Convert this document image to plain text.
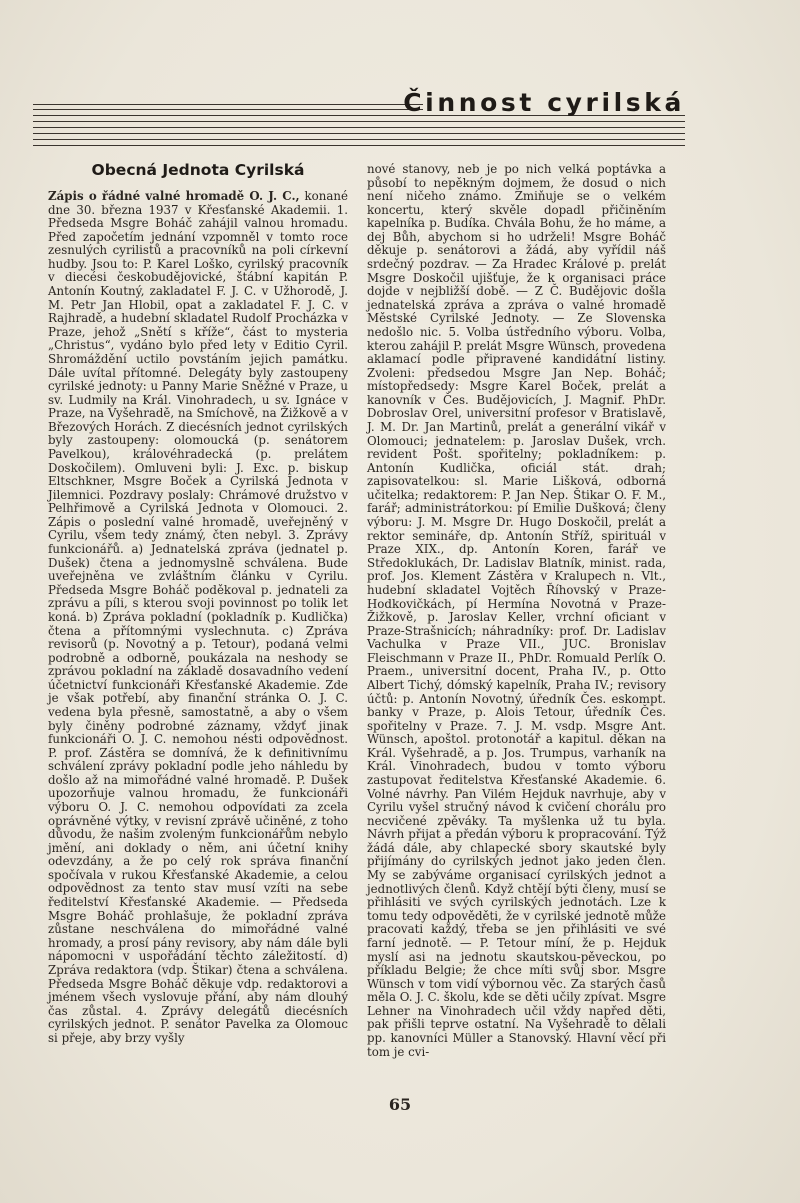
Činnost cyrilská
Obecná Jednota Cyrilská

Zápis o řádné valné hromadě O. J. C., konané dne 30. března 1937 v Křesťanské Akademii. 1. Předseda Msgre Boháč zahájil valnou hromadu. Před započetím jednání vzpomněl v tomto roce zesnulých cyrilistů a pracovníků na poli církevní hudby. Jsou to: P. Karel Loško, cyrilský pracovník v diecési českobudějovické, štábní kapitán P. Antonín Koutný, zakladatel F. J. C. v Užhorodě, J. M. Petr Jan Hlobil, opat a zakladatel F. J. C. v Rajhradě, a hudební skladatel Rudolf Procházka v Praze, jehož „Snětí s kříže“, část to mysteria „Christus“, vydáno bylo před lety v Editio Cyril. Shromáždění uctilo povstáním jejich památku. Dále uvítal přítomné. Delegáty byly zastoupeny cyrilské jednoty: u Panny Marie Sněžné v Praze, u sv. Ludmily na Král. Vinohradech, u sv. Ignáce v Praze, na Vyšehradě, na Smíchově, na Žižkově a v Březových Horách. Z diecésních jednot cyrilských byly zastoupeny: olomoucká (p. senátorem Pavelkou), královéhradecká (p. prelátem Doskočilem). Omluveni byli: J. Exc. p. biskup Eltschkner, Msgre Boček a Cyrilská Jednota v Jilemnici. Pozdravy poslaly: Chrámové družstvo v Pelhřimově a Cyrilská Jednota v Olomouci. 2. Zápis o poslední valné hromadě, uveřejněný v Cyrilu, všem tedy známý, čten nebyl. 3. Zprávy funkcionářů. a) Jednatelská zpráva (jednatel p. Dušek) čtena a jednomyslně schválena. Bude uveřejněna ve zvláštním článku v Cyrilu. Předseda Msgre Boháč poděkoval p. jednateli za zprávu a píli, s kterou svoji povinnost po tolik let koná. b) Zpráva pokladní (pokladník p. Kudlička) čtena a přítomnými vyslechnuta. c) Zpráva revisorů (p. Novotný a p. Tetour), podaná velmi podrobně a odborně, poukázala na neshody se zprávou pokladní na základě dosavadního vedení účetnictví funkcionáři Křesťanské Akademie. Zde je však potřebí, aby finanční stránka O. J. C. vedena byla přesně, samostatně, a aby o všem byly činěny podrobné záznamy, vždyť jinak funkcionáři O. J. C. nemohou nésti odpovědnost. P. prof. Zástěra se domnívá, že k definitivnímu schválení zprávy pokladní podle jeho náhledu by došlo až na mimořádné valné hromadě. P. Dušek upozorňuje valnou hromadu, že funkcionáři výboru O. J. C. nemohou odpovídati za zcela oprávněné výtky, v revisní zprávě učiněné, z toho důvodu, že našim zvoleným funkcionářům nebylo jmění, ani doklady o něm, ani účetní knihy odevzdány, a že po celý rok správa finanční spočívala v rukou Křesťanské Akademie, a celou odpovědnost za tento stav musí vzíti na sebe ředitelství Křesťanské Akademie. — Předseda Msgre Boháč prohlašuje, že pokladní zpráva zůstane neschválena do mimořádné valné hromady, a prosí pány revisory, aby nám dále byli nápomocni v uspořádání těchto záležitostí. d) Zpráva redaktora (vdp. Štikar) čtena a schválena. Předseda Msgre Boháč děkuje vdp. redaktorovi a jménem všech vyslovuje přání, aby nám dlouhý čas zůstal. 4. Zprávy delegátů diecésních cyrilských jednot. P. senátor Pavelka za Olomouc si přeje, aby brzy vyšly

nové stanovy, neb je po nich velká poptávka a působí to nepěkným dojmem, že dosud o nich není ničeho známo. Zmiňuje se o velkém koncertu, který skvěle dopadl přičiněním kapelníka p. Budíka. Chvála Bohu, že ho máme, a dej Bůh, abychom si ho udrželi! Msgre Boháč děkuje p. senátorovi a žádá, aby vyřídil náš srdečný pozdrav. — Za Hradec Králové p. prelát Msgre Doskočil ujišťuje, že k organisaci práce dojde v nejbližší době. — Z Č. Budějovic došla jednatelská zpráva a zpráva o valné hromadě Městské Cyrilské Jednoty. — Ze Slovenska nedošlo nic. 5. Volba ústředního výboru. Volba, kterou zahájil P. prelát Msgre Wünsch, provedena aklamací podle připravené kandidátní listiny. Zvoleni: předsedou Msgre Jan Nep. Boháč; místopředsedy: Msgre Karel Boček, prelát a kanovník v Čes. Budějovicích, J. Magnif. PhDr. Dobroslav Orel, universitní profesor v Bratislavě, J. M. Dr. Jan Martinů, prelát a generální vikář v Olomouci; jednatelem: p. Jaroslav Dušek, vrch. revident Pošt. spořitelny; pokladníkem: p. Antonín Kudlička, oficiál stát. drah; zapisovatelkou: sl. Marie Lišková, odborná učitelka; redaktorem: P. Jan Nep. Štikar O. F. M., farář; administrátorkou: pí Emilie Dušková; členy výboru: J. M. Msgre Dr. Hugo Doskočil, prelát a rektor semináře, dp. Antonín Stříž, spirituál v Praze XIX., dp. Antonín Koren, farář ve Středoklukách, Dr. Ladislav Blatník, minist. rada, prof. Jos. Klement Zástěra v Kralupech n. Vlt., hudební skladatel Vojtěch Říhovský v Praze-Hodkovičkách, pí Hermína Novotná v Praze-Žižkově, p. Jaroslav Keller, vrchní oficiant v Praze-Strašnicích; náhradníky: prof. Dr. Ladislav Vachulka v Praze VII., JUC. Bronislav Fleischmann v Praze II., PhDr. Romuald Perlík O. Praem., universitní docent, Praha IV., p. Otto Albert Tichý, dómský kapelník, Praha IV.; revisory účtů: p. Antonín Novotný, úředník Čes. eskompt. banky v Praze, p. Alois Tetour, úředník Čes. spořitelny v Praze. 7. J. M. vsdp. Msgre Ant. Wünsch, apoštol. protonotář a kapitul. děkan na Král. Vyšehradě, a p. Jos. Trumpus, varhaník na Král. Vinohradech, budou v tomto výboru zastupovat ředitelstva Křesťanské Akademie. 6. Volné návrhy. Pan Vilém Hejduk navrhuje, aby v Cyrilu vyšel stručný návod k cvičení chorálu pro necvičené zpěváky. Ta myšlenka už tu byla. Návrh přijat a předán výboru k propracování. Týž žádá dále, aby chlapecké sbory skautské byly přijímány do cyrilských jednot jako jeden člen. My se zabýváme organisací cyrilských jednot a jednotlivých členů. Když chtějí býti členy, musí se přihlásiti ve svých cyrilských jednotách. Lze k tomu tedy odpověděti, že v cyrilské jednotě může pracovati každý, třeba se jen přihlásiti ve své farní jednotě. — P. Tetour míní, že p. Hejduk myslí asi na jednotu skautskou-pěveckou, po příkladu Belgie; že chce míti svůj sbor. Msgre Wünsch v tom vidí výbornou věc. Za starých časů měla O. J. C. školu, kde se děti učily zpívat. Msgre Lehner na Vinohradech učil vždy napřed děti, pak přišli teprve ostatní. Na Vyšehradě to dělali pp. kanovníci Müller a Stanovský. Hlavní věcí při tom je cvi-

65
